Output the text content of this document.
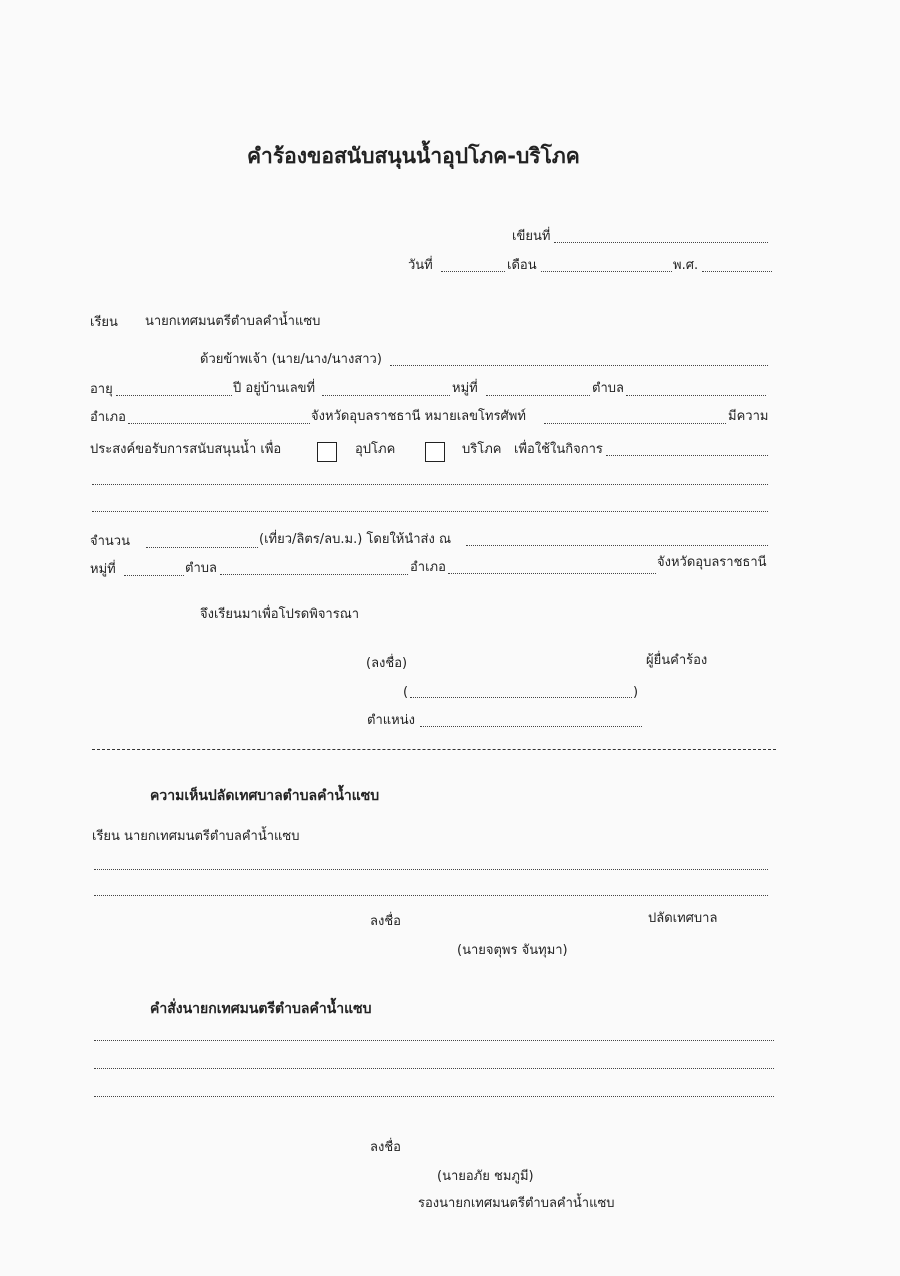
คำร้องขอสนับสนุนน้ำอุปโภค-บริโภค
เขียนที่
วันที่	เดือน	พ.ศ.
เรียน นายกเทศมนตรีตำบลคำน้ำแซบ
ด้วยข้าพเจ้า (นาย/นาง/นางสาว)
อายุ	ปี อยู่บ้านเลขที่	หมู่ที่	ตำบล
อำเภอ	จังหวัดอุบลราชธานี หมายเลขโทรศัพท์	มีความ
ประสงค์ขอรับการสนับสนุนน้ำ เพื่อ	อุปโภค	บริโภค เพื่อใช้ในกิจการ
จำนวน	(เที่ยว/ลิตร/ลบ.ม.) โดยให้นำส่ง ณ
หมู่ที่	ตำบล	อำเภอ	จังหวัดอุบลราชธานี
จึงเรียนมาเพื่อโปรดพิจารณา
(ลงชื่อ)	ผู้ยื่นคำร้อง
(	)
ตำแหน่ง
ความเห็นปลัดเทศบาลตำบลคำน้ำแซบ
เรียน นายกเทศมนตรีตำบลคำน้ำแซบ
ลงชื่อ	ปลัดเทศบาล
(นายจตุพร จันทุมา)
คำสั่งนายกเทศมนตรีตำบลคำน้ำแซบ
ลงชื่อ
(นายอภัย ชมภูมี)
รองนายกเทศมนตรีตำบลคำน้ำแซบ
